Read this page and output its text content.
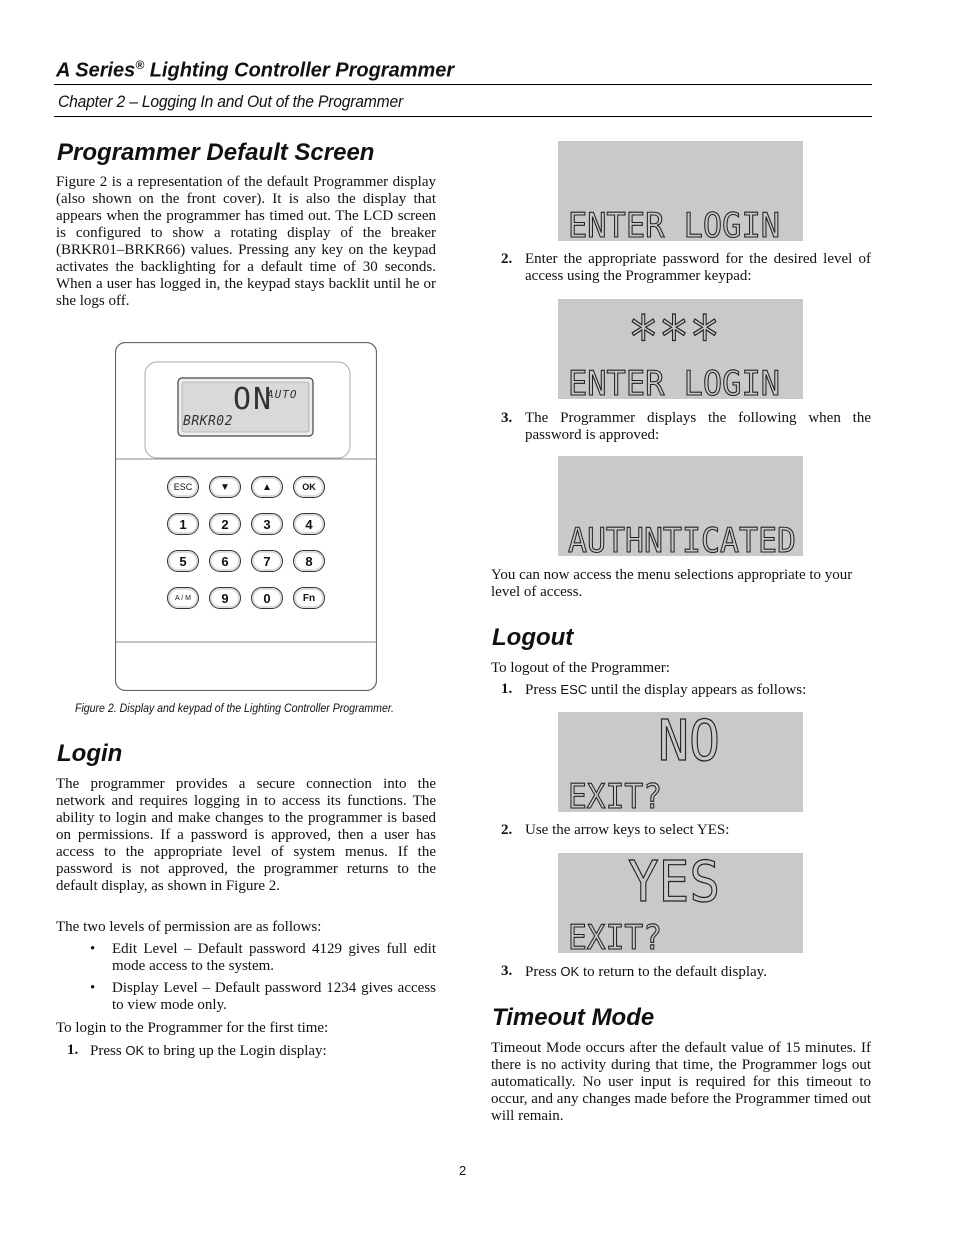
A Series® Lighting Controller Programmer
Chapter 2 – Logging In and Out of the Programmer
Programmer Default Screen

Figure 2 is a representation of the default Programmer display (also shown on the front cover). It is also the display that appears when the programmer has timed out. The LCD screen is configured to show a rotating display of the breaker (BRKR01–BRKR66) values. Pressing any key on the keypad activates the backlighting for a default time of 30 seconds. When a user has logged in, the keypad stays backlit until he or she logs off.

ON
AUTO
BRKR02
ESC	▼	▲	OK
1	2	3	4
5	6	7	8
A / M	9	0	Fn
Figure 2. Display and keypad of the Lighting Controller Programmer.
Login

The programmer provides a secure connection into the network and requires logging in to access its functions. The ability to login and make changes to the programmer is based on permissions. If a password is approved, then a user has access to the appropriate level of system menus. If the password is not approved, the programmer returns to the default display, as shown in Figure 2.

The two levels of permission are as follows:

• Edit Level – Default password 4129 gives full edit mode access to the system.
• Display Level – Default password 1234 gives access to view mode only.

To login to the Programmer for the first time:

1. Press OK to bring up the Login display:
ENTER LOGIN
2. Enter the appropriate password for the desired level of access using the Programmer keypad:
***
ENTER LOGIN
3. The Programmer displays the following when the password is approved:
AUTHNTICATED

You can now access the menu selections appropriate to your level of access.

Logout

To logout of the Programmer:

1. Press ESC until the display appears as follows:
NO
EXIT?
2. Use the arrow keys to select YES:
YES
EXIT?
3. Press OK to return to the default display.
Timeout Mode

Timeout Mode occurs after the default value of 15 minutes. If there is no activity during that time, the Programmer logs out automatically. No user input is required for this timeout to occur, and any changes made before the Programmer timed out will remain.

2
